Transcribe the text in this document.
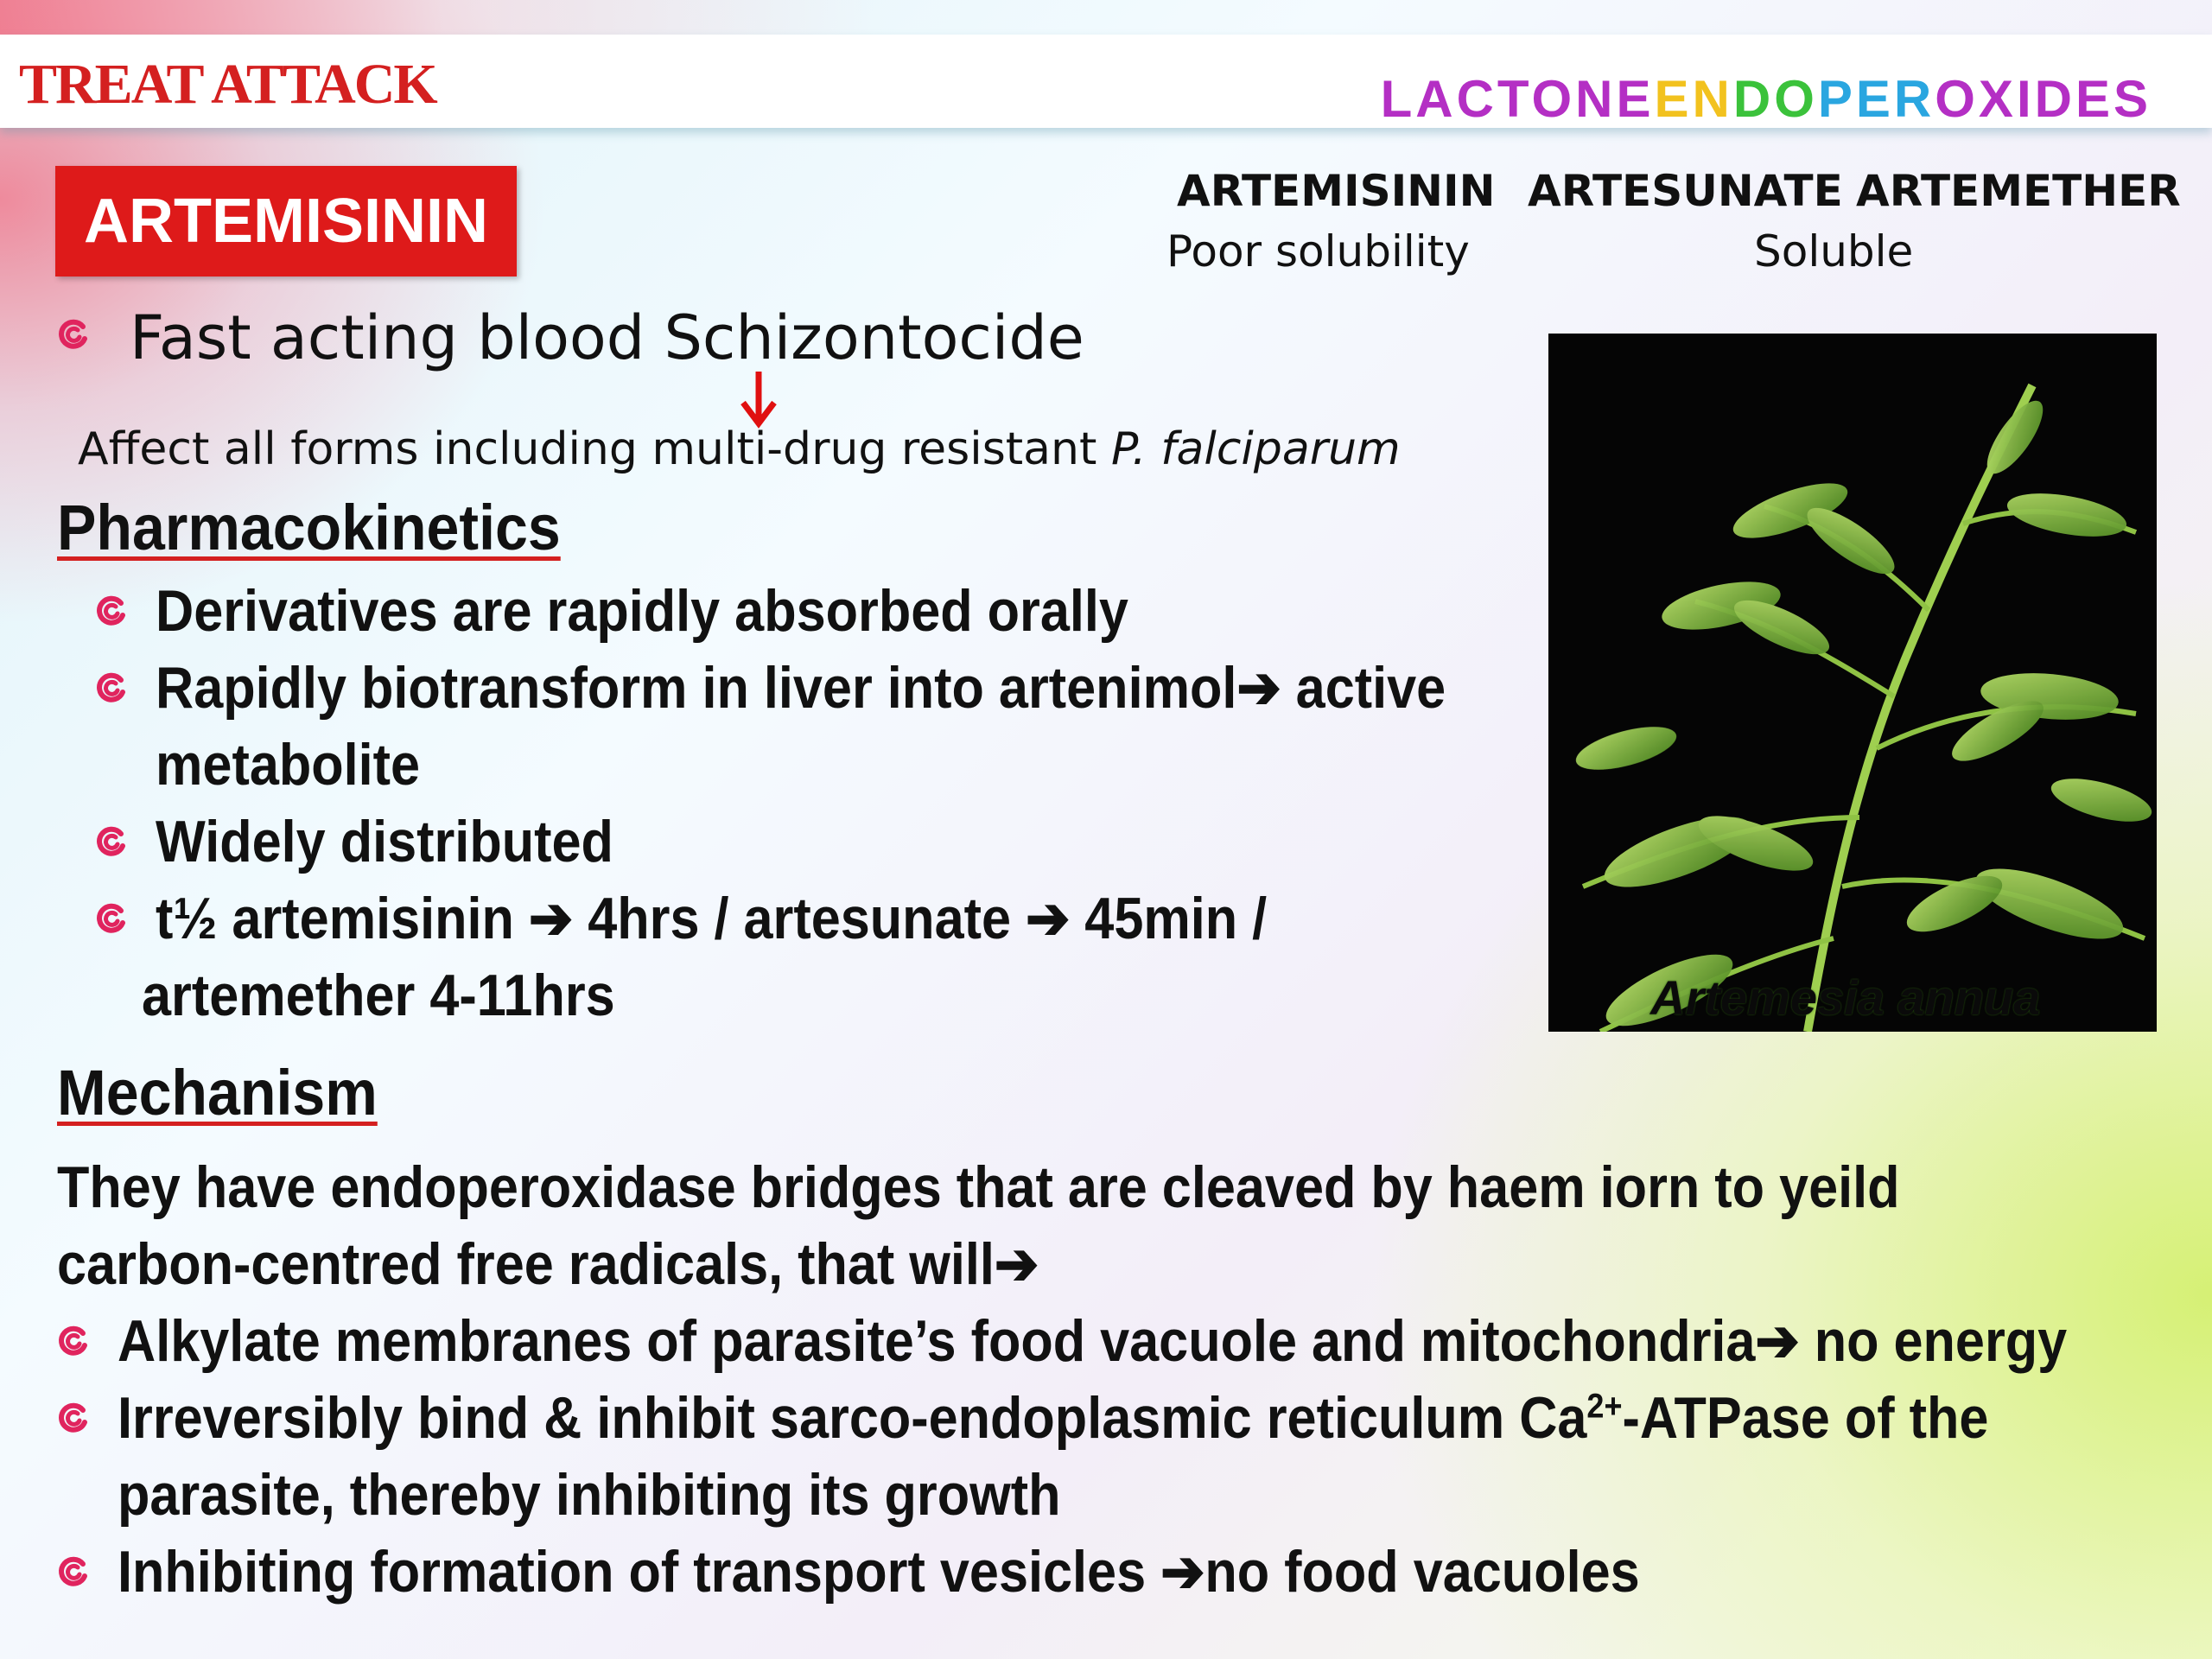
TREAT ATTACK	LACTONEENDOPEROXIDES
ARTEMISININ	ARTEMISININ ARTESUNATE ARTEMETHER
Poor solubility	Soluble
Fast acting blood Schizontocide
Affect all forms including multi-drug resistant P. falciparum
Pharmacokinetics
Derivatives are rapidly absorbed orally
Rapidly biotransform in liver into artenimol➔ active
metabolite
Widely distributed
t½ artemisinin ➔ 4hrs / artesunate ➔ 45min /
artemether 4-11hrs	Artemesia annua
Mechanism
They have endoperoxidase bridges that are cleaved by haem iorn to yeild
carbon-centred free radicals, that will➔
Alkylate membranes of parasite’s food vacuole and mitochondria➔ no energy
Irreversibly bind & inhibit sarco-endoplasmic reticulum $Ca^{2+}$-ATPase of the
parasite, thereby inhibiting its growth
Inhibiting formation of transport vesicles ➔no food vacuoles
